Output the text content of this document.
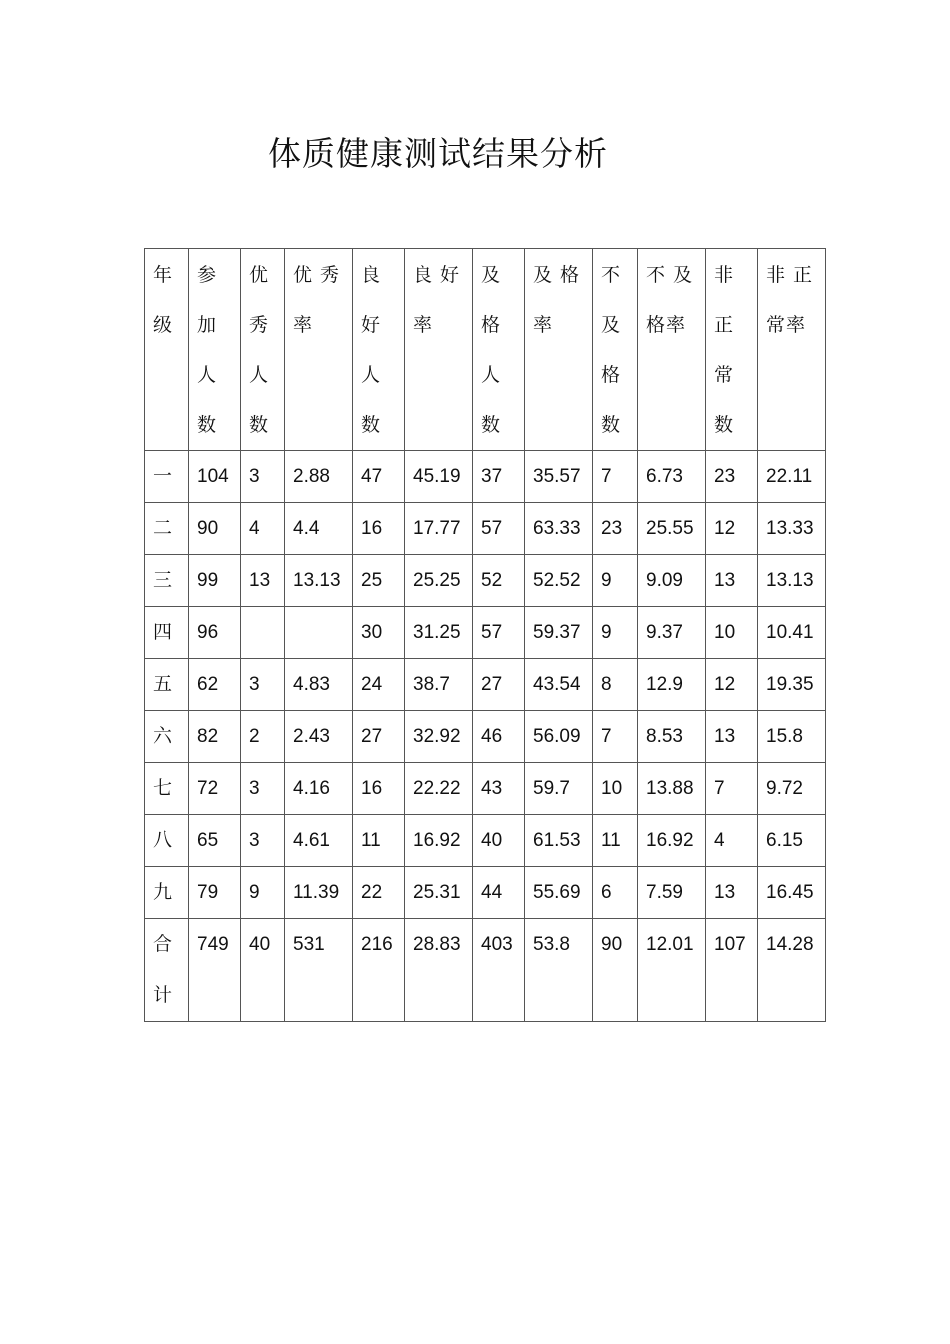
体质健康测试结果分析
年
级	参
加
人
数	优
秀
人
数	优 秀
率	良
好
人
数	良 好
率	及
格
人
数	及 格
率	不
及
格
数	不 及
格率	非
正
常
数	非 正
常率

一	104	3	2.88	47	45.19	37	35.57	7	6.73	23	22.11
二	90	4	4.4	16	17.77	57	63.33	23	25.55	12	13.33
三	99	13	13.13	25	25.25	52	52.52	9	9.09	13	13.13
四	96			30	31.25	57	59.37	9	9.37	10	10.41
五	62	3	4.83	24	38.7	27	43.54	8	12.9	12	19.35
六	82	2	2.43	27	32.92	46	56.09	7	8.53	13	15.8
七	72	3	4.16	16	22.22	43	59.7	10	13.88	7	9.72
八	65	3	4.61	11	16.92	40	61.53	11	16.92	4	6.15
九	79	9	11.39	22	25.31	44	55.69	6	7.59	13	16.45

合
计	749	40	531	216	28.83	403	53.8	90	12.01	107	14.28
